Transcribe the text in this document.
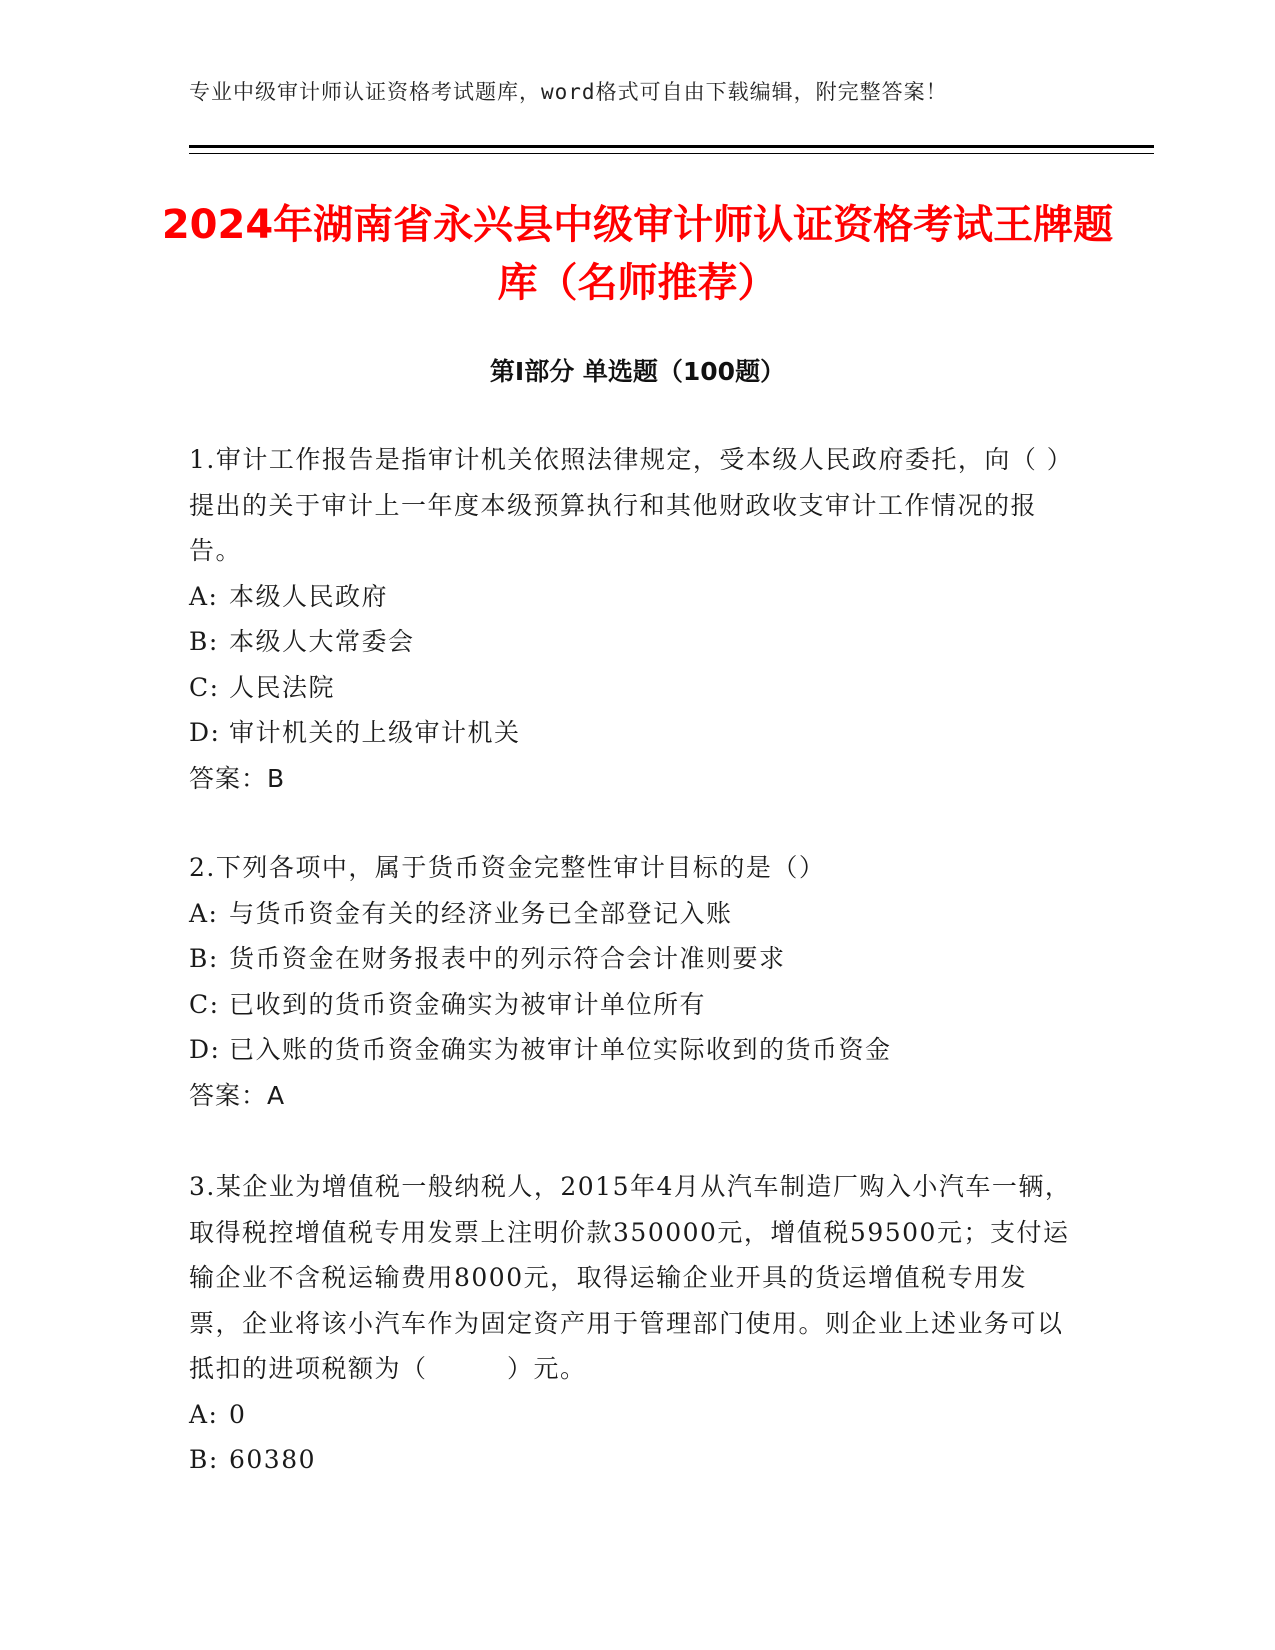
专业中级审计师认证资格考试题库，word格式可自由下载编辑，附完整答案！
2024年湖南省永兴县中级审计师认证资格考试王牌题库（名师推荐）
第Ⅰ部分 单选题（100题）
1.审计工作报告是指审计机关依照法律规定，受本级人民政府委托，向（ ）提出的关于审计上一年度本级预算执行和其他财政收支审计工作情况的报告。
A: 本级人民政府
B: 本级人大常委会
C: 人民法院
D: 审计机关的上级审计机关
答案：B
2.下列各项中，属于货币资金完整性审计目标的是（）
A: 与货币资金有关的经济业务已全部登记入账
B: 货币资金在财务报表中的列示符合会计准则要求
C: 已收到的货币资金确实为被审计单位所有
D: 已入账的货币资金确实为被审计单位实际收到的货币资金
答案：A
3.某企业为增值税一般纳税人，2015年4月从汽车制造厂购入小汽车一辆，取得税控增值税专用发票上注明价款350000元，增值税59500元；支付运输企业不含税运输费用8000元，取得运输企业开具的货运增值税专用发票，企业将该小汽车作为固定资产用于管理部门使用。则企业上述业务可以抵扣的进项税额为（　　　）元。
A: 0
B: 60380
